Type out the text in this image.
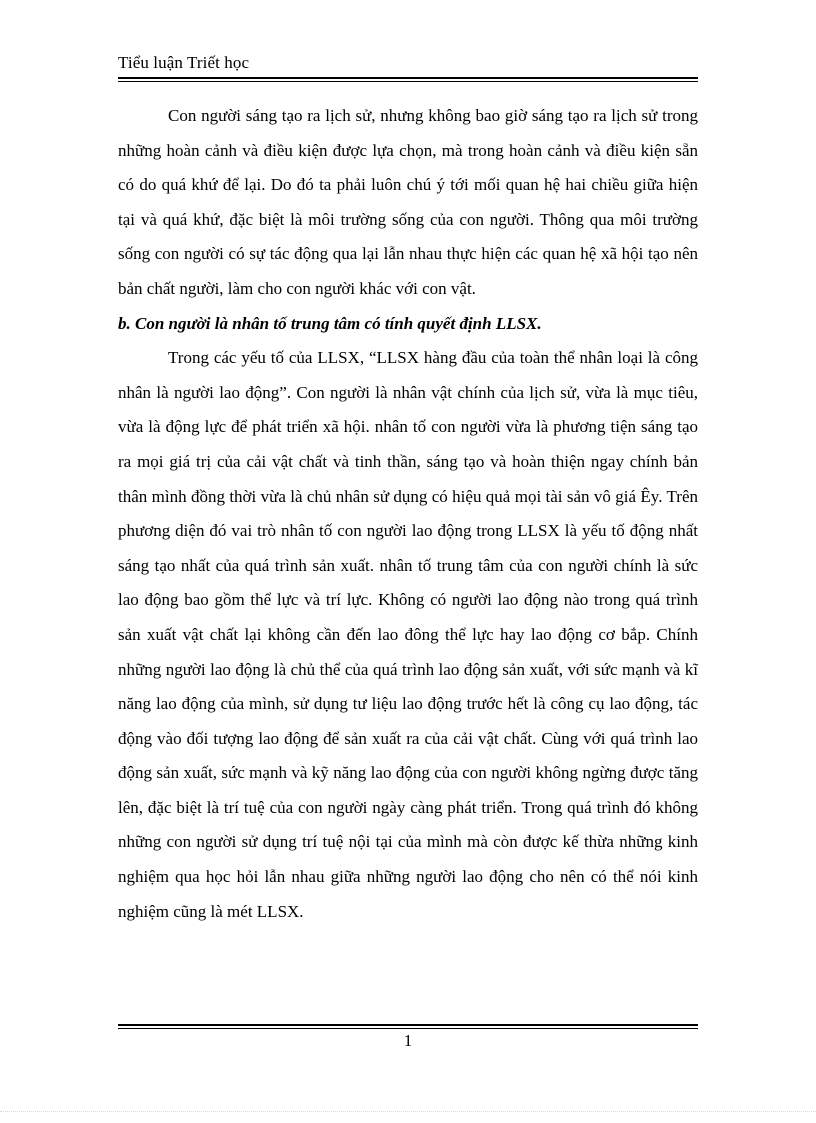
Tiểu luận Triết học

Con người sáng tạo ra lịch sử, nhưng không bao giờ sáng tạo ra lịch sử trong những hoàn cảnh và điều kiện được lựa chọn, mà trong hoàn cảnh và điều kiện sẵn có do quá khứ để lại. Do đó ta phải luôn chú ý tới mối quan hệ hai chiều giữa hiện tại và quá khứ, đặc biệt là môi trường sống của con người. Thông qua môi trường sống con người có sự tác động qua lại lẫn nhau thực hiện các quan hệ xã hội tạo nên bản chất người, làm cho con người khác với con vật.

b. Con người là nhân tố trung tâm có tính quyết định LLSX.

Trong các yếu tố của LLSX, “LLSX hàng đầu của toàn thể nhân loại là công nhân là người lao động”. Con người là nhân vật chính của lịch sử, vừa là mục tiêu, vừa là động lực để phát triển xã hội. nhân tố con người vừa là phương tiện sáng tạo ra mọi giá trị của cải vật chất và tinh thần, sáng tạo và hoàn thiện ngay chính bản thân mình đồng thời vừa là chủ nhân sử dụng có hiệu quả mọi tài sản vô giá Êy. Trên phương diện đó vai trò nhân tố con người lao động trong LLSX là yếu tố động nhất sáng tạo nhất của quá trình sản xuất. nhân tố trung tâm của con người chính là sức lao động bao gồm thể lực và trí lực. Không có người lao động nào trong quá trình sản xuất vật chất lại không cần đến lao đông thể lực hay lao động cơ bắp. Chính những người lao động là chủ thể của quá trình lao động sản xuất, với sức mạnh và kĩ năng lao động của mình, sử dụng tư liệu lao động trước hết là công cụ lao động, tác động vào đối tượng lao động để sản xuất ra của cải vật chất. Cùng với quá trình lao động sản xuất, sức mạnh và kỹ năng lao động của con người không ngừng được tăng lên, đặc biệt là trí tuệ của con người ngày càng phát triển. Trong quá trình đó không những con người sử dụng trí tuệ nội tại của mình mà còn được kế thừa những kinh nghiệm qua học hỏi lẫn nhau giữa những người lao động cho nên có thể nói kinh nghiệm cũng là mét LLSX.

1
